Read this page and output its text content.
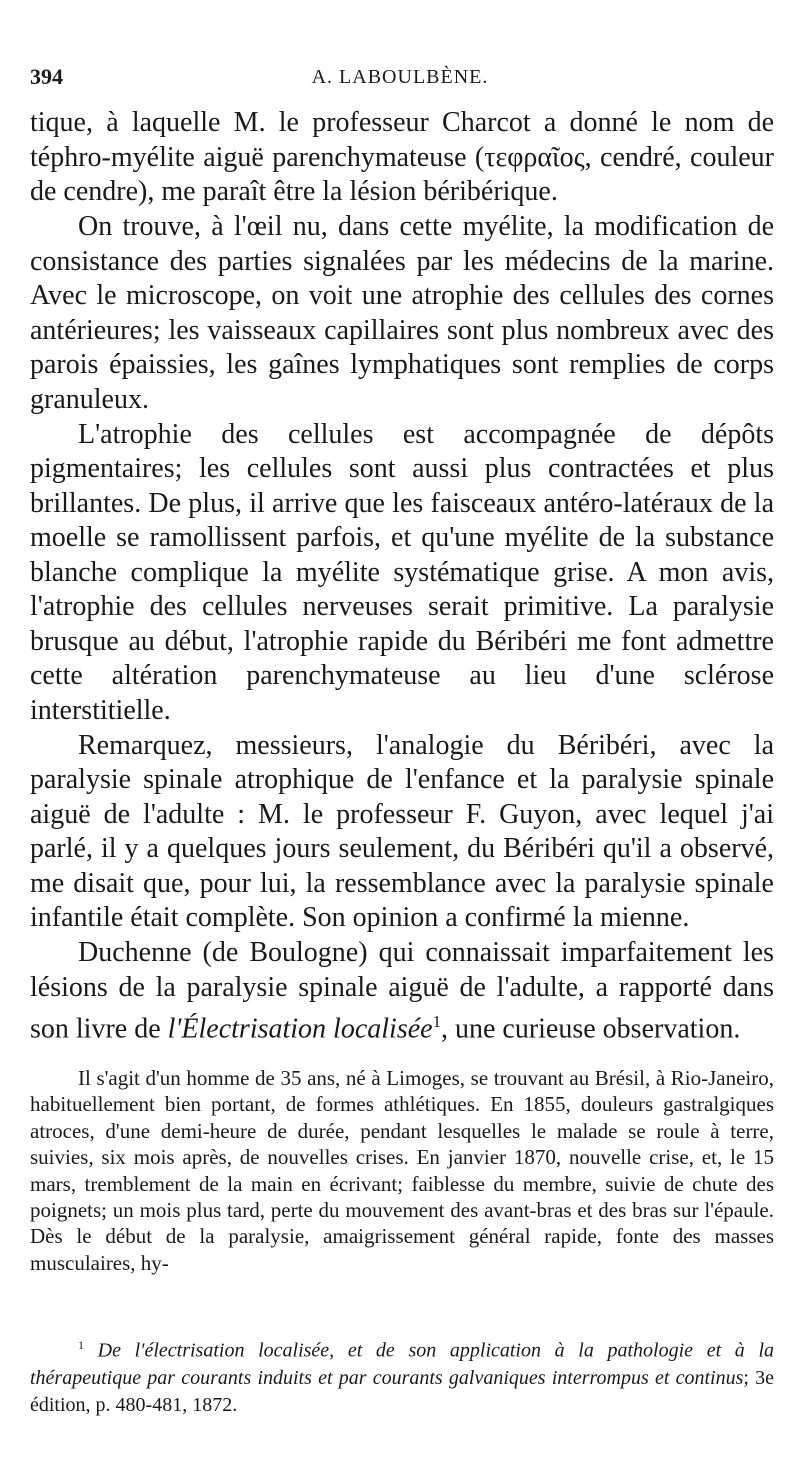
394	A. LABOULBÈNE.

tique, à laquelle M. le professeur Charcot a donné le nom de téphro-myélite aiguë parenchymateuse (τεφραῖος, cendré, couleur de cendre), me paraît être la lésion béribérique.

On trouve, à l'œil nu, dans cette myélite, la modification de consistance des parties signalées par les médecins de la marine. Avec le microscope, on voit une atrophie des cellules des cornes antérieures; les vaisseaux capillaires sont plus nombreux avec des parois épaissies, les gaînes lymphatiques sont remplies de corps granuleux.

L'atrophie des cellules est accompagnée de dépôts pigmentaires; les cellules sont aussi plus contractées et plus brillantes. De plus, il arrive que les faisceaux antéro-latéraux de la moelle se ramollissent parfois, et qu'une myélite de la substance blanche complique la myélite systématique grise. A mon avis, l'atrophie des cellules nerveuses serait primitive. La paralysie brusque au début, l'atrophie rapide du Béribéri me font admettre cette altération parenchymateuse au lieu d'une sclérose interstitielle.

Remarquez, messieurs, l'analogie du Béribéri, avec la paralysie spinale atrophique de l'enfance et la paralysie spinale aiguë de l'adulte : M. le professeur F. Guyon, avec lequel j'ai parlé, il y a quelques jours seulement, du Béribéri qu'il a observé, me disait que, pour lui, la ressemblance avec la paralysie spinale infantile était complète. Son opinion a confirmé la mienne.

Duchenne (de Boulogne) qui connaissait imparfaitement les lésions de la paralysie spinale aiguë de l'adulte, a rapporté dans son livre de l'Électrisation localisée$^1$, une curieuse observation.

Il s'agit d'un homme de 35 ans, né à Limoges, se trouvant au Brésil, à Rio-Janeiro, habituellement bien portant, de formes athlétiques. En 1855, douleurs gastralgiques atroces, d'une demi-heure de durée, pendant lesquelles le malade se roule à terre, suivies, six mois après, de nouvelles crises. En janvier 1870, nouvelle crise, et, le 15 mars, tremblement de la main en écrivant; faiblesse du membre, suivie de chute des poignets; un mois plus tard, perte du mouvement des avant-bras et des bras sur l'épaule. Dès le début de la paralysie, amaigrissement général rapide, fonte des masses musculaires, hy-

$^1$ De l'électrisation localisée, et de son application à la pathologie et à la thérapeutique par courants induits et par courants galvaniques interrompus et continus; 3e édition, p. 480-481, 1872.
